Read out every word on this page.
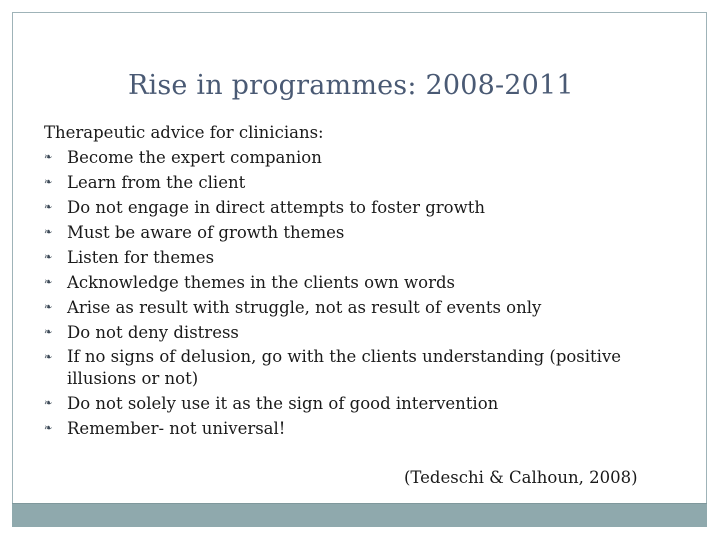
Rise in programmes: 2008-2011
Therapeutic advice for clinicians:
❧ Become the expert companion
❧ Learn from the client
❧ Do not engage in direct attempts to foster growth
❧ Must be aware of growth themes
❧ Listen for themes
❧ Acknowledge themes in the clients own words
❧ Arise as result with struggle, not as result of events only
❧ Do not deny distress
❧ If no signs of delusion, go with the clients understanding (positive illusions or not)
❧ Do not solely use it as the sign of good intervention
❧ Remember- not universal!
(Tedeschi & Calhoun, 2008)
